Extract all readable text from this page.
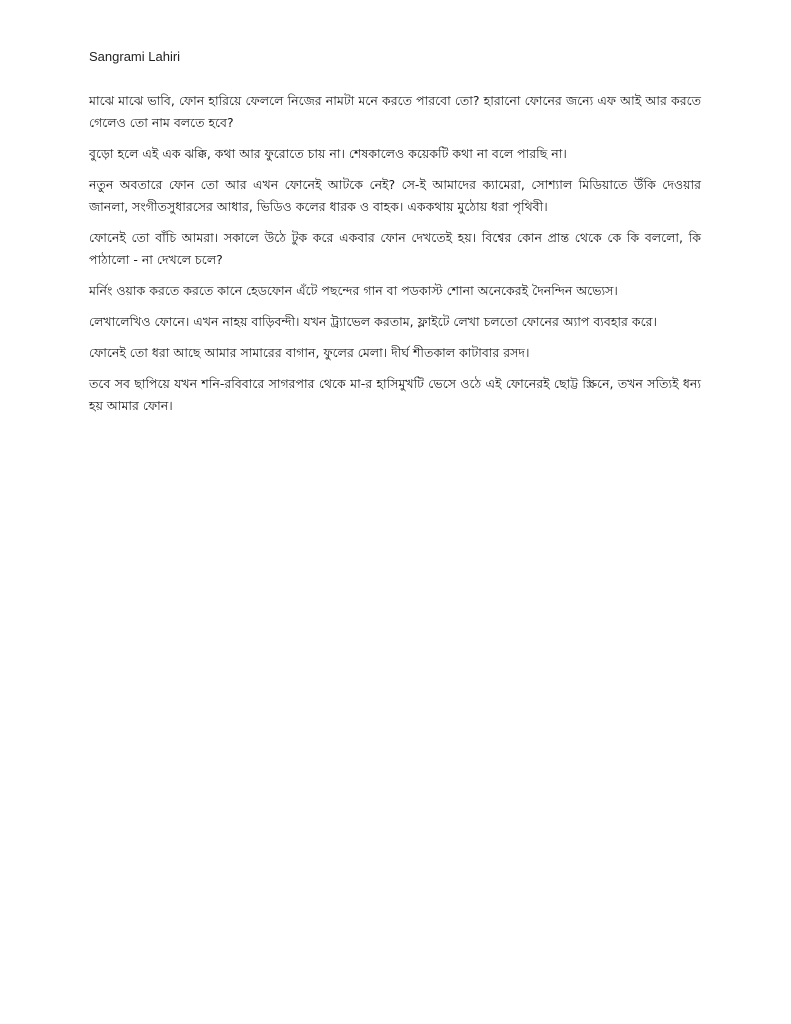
Sangrami Lahiri

মাঝে মাঝে ভাবি, ফোন হারিয়ে ফেললে নিজের নামটা মনে করতে পারবো তো? হারানো ফোনের জন্যে এফ আই আর করতে গেলেও তো নাম বলতে হবে?

বুড়ো হলে এই এক ঝক্কি, কথা আর ফুরোতে চায় না। শেষকালেও কয়েকটি কথা না বলে পারছি না।

নতুন অবতারে ফোন তো আর এখন ফোনেই আটকে নেই? সে-ই আমাদের ক্যামেরা, সোশ্যাল মিডিয়াতে উঁকি দেওয়ার জানলা, সংগীতসুধারসের আধার, ভিডিও কলের ধারক ও বাহক। এককথায় মুঠোয় ধরা পৃথিবী।

ফোনেই তো বাঁচি আমরা। সকালে উঠে টুক করে একবার ফোন দেখতেই হয়। বিশ্বের কোন প্রান্ত থেকে কে কি বললো, কি পাঠালো - না দেখলে চলে?

মর্নিং ওয়াক করতে করতে কানে হেডফোন এঁটে পছন্দের গান বা পডকাস্ট শোনা অনেকেরই দৈনন্দিন অভ্যেস।

লেখালেখিও ফোনে। এখন নাহয় বাড়িবন্দী। যখন ট্র্যাভেল করতাম, ফ্লাইটে লেখা চলতো ফোনের অ্যাপ ব্যবহার করে।

ফোনেই তো ধরা আছে আমার সামারের বাগান, ফুলের মেলা। দীর্ঘ শীতকাল কাটাবার রসদ।

তবে সব ছাপিয়ে যখন শনি-রবিবারে সাগরপার থেকে মা-র হাসিমুখটি ভেসে ওঠে এই ফোনেরই ছোট্ট স্ক্রিনে, তখন সত্যিই ধন্য হয় আমার ফোন।
